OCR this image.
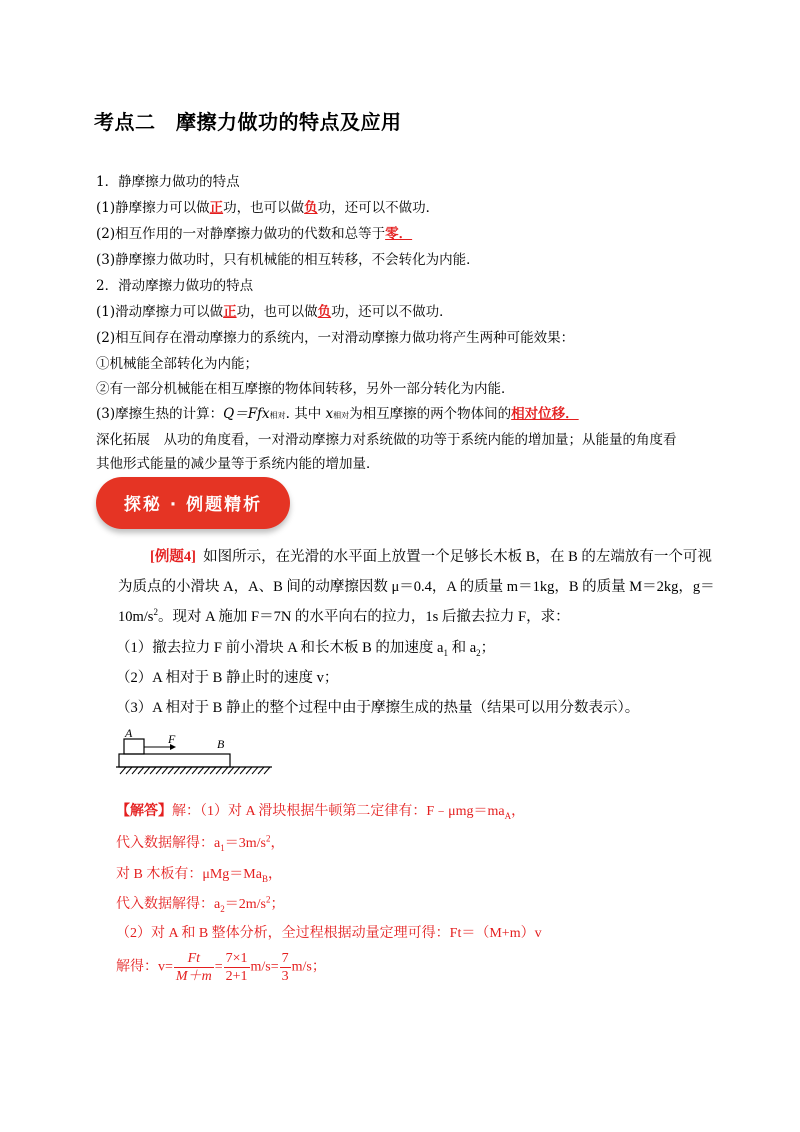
考点二　摩擦力做功的特点及应用
1．静摩擦力做功的特点
(1)静摩擦力可以做正功，也可以做负功，还可以不做功．
(2)相互作用的一对静摩擦力做功的代数和总等于零．
(3)静摩擦力做功时，只有机械能的相互转移，不会转化为内能．
2．滑动摩擦力做功的特点
(1)滑动摩擦力可以做正功，也可以做负功，还可以不做功．
(2)相互间存在滑动摩擦力的系统内，一对滑动摩擦力做功将产生两种可能效果：
①机械能全部转化为内能；
②有一部分机械能在相互摩擦的物体间转移，另外一部分转化为内能．
(3)摩擦生热的计算：Q＝Ffx相对. 其中 x相对为相互摩擦的两个物体间的相对位移．
深化拓展　从功的角度看，一对滑动摩擦力对系统做的功等于系统内能的增加量；从能量的角度看
其他形式能量的减少量等于系统内能的增加量．
探秘 · 例题精析
[例题4] 如图所示，在光滑的水平面上放置一个足够长木板 B，在 B 的左端放有一个可视
为质点的小滑块 A，A、B 间的动摩擦因数 μ＝0.4，A 的质量 m＝1kg，B 的质量 M＝2kg，g＝
$10m/s^2$。现对 A 施加 F＝7N 的水平向右的拉力，1s 后撤去拉力 F，求：
（1）撤去拉力 F 前小滑块 A 和长木板 B 的加速度 $a_1$ 和 $a_2$；
（2）A 相对于 B 静止时的速度 v；
（3）A 相对于 B 静止的整个过程中由于摩擦生成的热量（结果可以用分数表示）。
A	F	B
【解答】解：（1）对 A 滑块根据牛顿第二定律有：$F﹣\mu mg=ma_A$，
代入数据解得：$a_1=3m/s^2$，
对 B 木板有：$\mu Mg=Ma_B$，
代入数据解得：$a_2=2m/s^2$；
（2）对 A 和 B 整体分析，全过程根据动量定理可得：Ft＝（M+m）v
解得：$v= \frac{Ft}{M+m} = \frac{7\times 1}{2+1} m/s= \frac{7}{3} m/s$；
